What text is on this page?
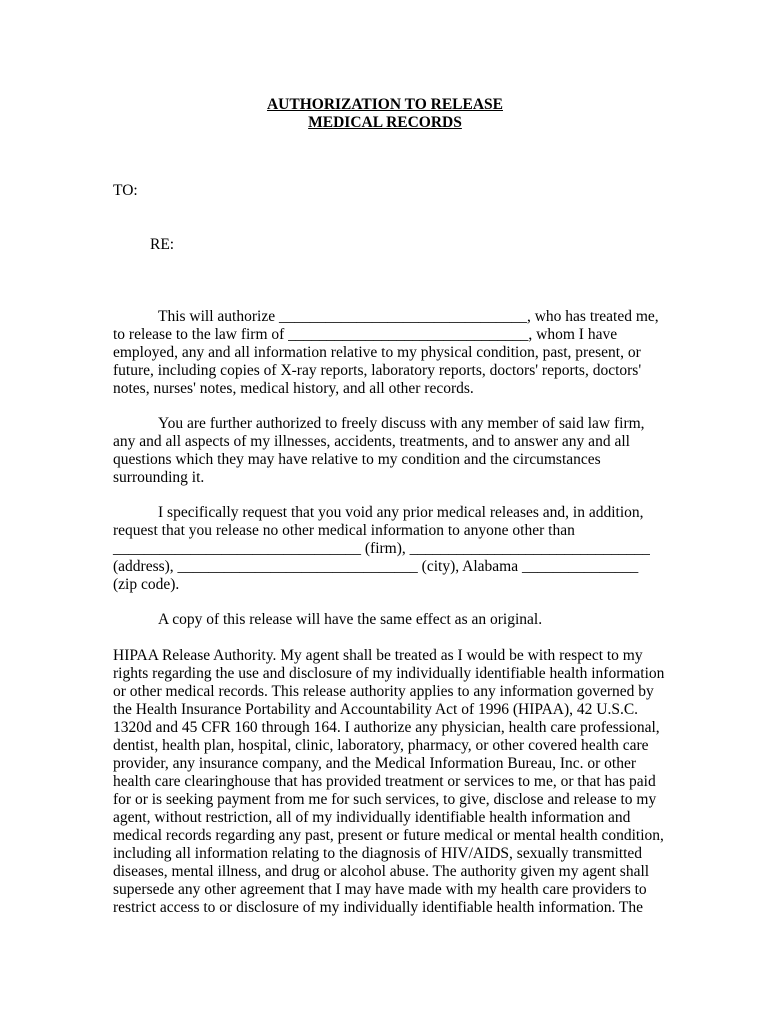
AUTHORIZATION TO RELEASE
MEDICAL RECORDS
TO:
RE:
This will authorize ________________________________, who has treated me,
to release to the law firm of _______________________________, whom I have
employed, any and all information relative to my physical condition, past, present, or
future, including copies of X-ray reports, laboratory reports, doctors' reports, doctors'
notes, nurses' notes, medical history, and all other records.
You are further authorized to freely discuss with any member of said law firm,
any and all aspects of my illnesses, accidents, treatments, and to answer any and all
questions which they may have relative to my condition and the circumstances
surrounding it.
I specifically request that you void any prior medical releases and, in addition,
request that you release no other medical information to anyone other than
________________________________ (firm), _______________________________
(address), _______________________________ (city), Alabama _______________
(zip code).
A copy of this release will have the same effect as an original.
HIPAA Release Authority. My agent shall be treated as I would be with respect to my
rights regarding the use and disclosure of my individually identifiable health information
or other medical records. This release authority applies to any information governed by
the Health Insurance Portability and Accountability Act of 1996 (HIPAA), 42 U.S.C.
1320d and 45 CFR 160 through 164. I authorize any physician, health care professional,
dentist, health plan, hospital, clinic, laboratory, pharmacy, or other covered health care
provider, any insurance company, and the Medical Information Bureau, Inc. or other
health care clearinghouse that has provided treatment or services to me, or that has paid
for or is seeking payment from me for such services, to give, disclose and release to my
agent, without restriction, all of my individually identifiable health information and
medical records regarding any past, present or future medical or mental health condition,
including all information relating to the diagnosis of HIV/AIDS, sexually transmitted
diseases, mental illness, and drug or alcohol abuse. The authority given my agent shall
supersede any other agreement that I may have made with my health care providers to
restrict access to or disclosure of my individually identifiable health information. The
